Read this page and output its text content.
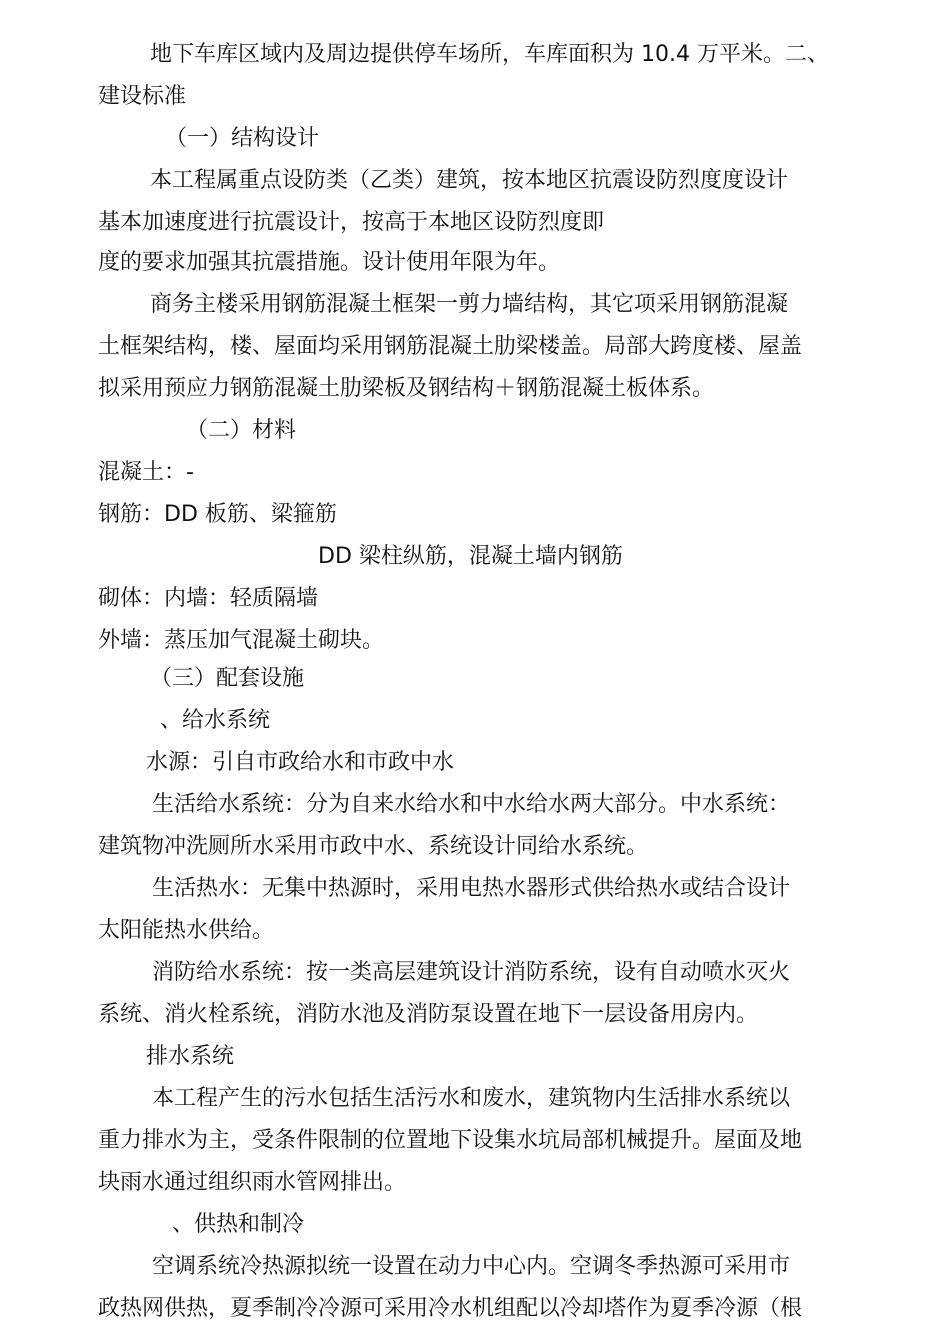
地下车库区域内及周边提供停车场所，车库面积为 10.4 万平米。二、
建设标准
（一）结构设计
本工程属重点设防类（乙类）建筑，按本地区抗震设防烈度度设计
基本加速度进行抗震设计，按高于本地区设防烈度即
度的要求加强其抗震措施。设计使用年限为年。
商务主楼采用钢筋混凝土框架一剪力墙结构，其它项采用钢筋混凝
土框架结构，楼、屋面均采用钢筋混凝土肋梁楼盖。局部大跨度楼、屋盖
拟采用预应力钢筋混凝土肋梁板及钢结构＋钢筋混凝土板体系。
（二）材料
混凝土：-
钢筋：DD 板筋、梁箍筋
DD 梁柱纵筋，混凝土墙内钢筋
砌体：内墙：轻质隔墙
外墙：蒸压加气混凝土砌块。
（三）配套设施
、给水系统
水源：引自市政给水和市政中水
生活给水系统：分为自来水给水和中水给水两大部分。中水系统：
建筑物冲洗厕所水采用市政中水、系统设计同给水系统。
生活热水：无集中热源时，采用电热水器形式供给热水或结合设计
太阳能热水供给。
消防给水系统：按一类高层建筑设计消防系统，设有自动喷水灭火
系统、消火栓系统，消防水池及消防泵设置在地下一层设备用房内。
排水系统
本工程产生的污水包括生活污水和废水，建筑物内生活排水系统以
重力排水为主，受条件限制的位置地下设集水坑局部机械提升。屋面及地
块雨水通过组织雨水管网排出。
、供热和制冷
空调系统冷热源拟统一设置在动力中心内。空调冬季热源可采用市
政热网供热，夏季制冷冷源可采用冷水机组配以冷却塔作为夏季冷源（根
